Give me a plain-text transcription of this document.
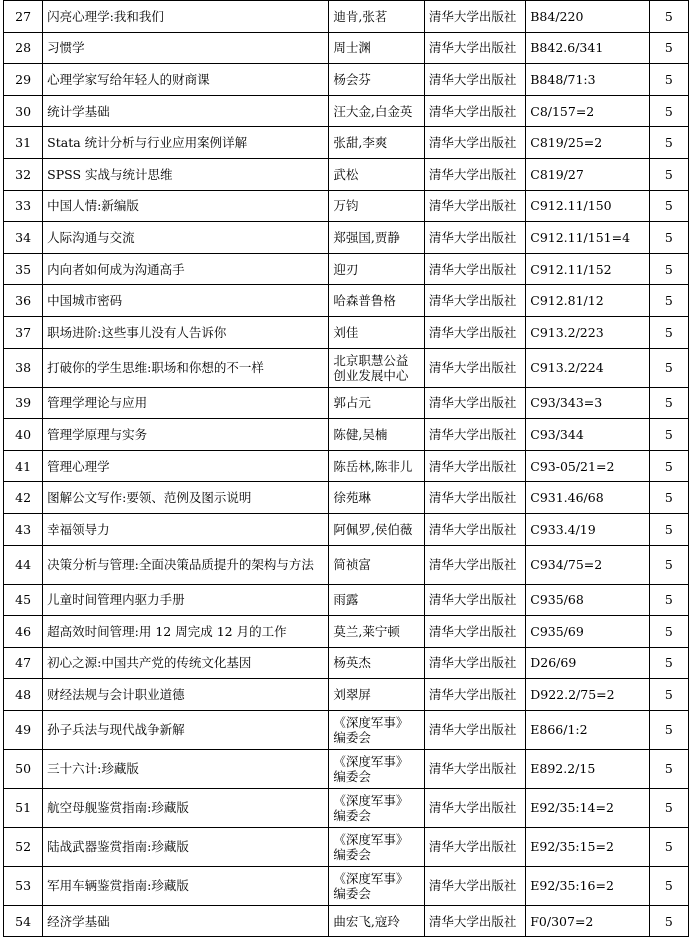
27	闪亮心理学:我和我们	迪肯,张茗	清华大学出版社	B84/220	5
28	习惯学	周士渊	清华大学出版社	B842.6/341	5
29	心理学家写给年轻人的财商课	杨会芬	清华大学出版社	B848/71:3	5
30	统计学基础	汪大金,白金英	清华大学出版社	C8/157=2	5
31	Stata 统计分析与行业应用案例详解	张甜,李爽	清华大学出版社	C819/25=2	5
32	SPSS 实战与统计思维	武松	清华大学出版社	C819/27	5
33	中国人情:新编版	万钧	清华大学出版社	C912.11/150	5
34	人际沟通与交流	郑强国,贾静	清华大学出版社	C912.11/151=4	5
35	内向者如何成为沟通高手	迎刃	清华大学出版社	C912.11/152	5
36	中国城市密码	哈森普鲁格	清华大学出版社	C912.81/12	5
37	职场进阶:这些事儿没有人告诉你	刘佳	清华大学出版社	C913.2/223	5
38	打破你的学生思维:职场和你想的不一样	北京职慧公益创业发展中心	清华大学出版社	C913.2/224	5
39	管理学理论与应用	郭占元	清华大学出版社	C93/343=3	5
40	管理学原理与实务	陈健,吴楠	清华大学出版社	C93/344	5
41	管理心理学	陈岳林,陈非儿	清华大学出版社	C93-05/21=2	5
42	图解公文写作:要领、范例及图示说明	徐苑琳	清华大学出版社	C931.46/68	5
43	幸福领导力	阿佩罗,侯伯薇	清华大学出版社	C933.4/19	5
44	决策分析与管理:全面决策品质提升的架构与方法	简祯富	清华大学出版社	C934/75=2	5
45	儿童时间管理内驱力手册	雨露	清华大学出版社	C935/68	5
46	超高效时间管理:用 12 周完成 12 月的工作	莫兰,莱宁顿	清华大学出版社	C935/69	5
47	初心之源:中国共产党的传统文化基因	杨英杰	清华大学出版社	D26/69	5
48	财经法规与会计职业道德	刘翠屏	清华大学出版社	D922.2/75=2	5
49	孙子兵法与现代战争新解	《深度军事》编委会	清华大学出版社	E866/1:2	5
50	三十六计:珍藏版	《深度军事》编委会	清华大学出版社	E892.2/15	5
51	航空母舰鉴赏指南:珍藏版	《深度军事》编委会	清华大学出版社	E92/35:14=2	5
52	陆战武器鉴赏指南:珍藏版	《深度军事》编委会	清华大学出版社	E92/35:15=2	5
53	军用车辆鉴赏指南:珍藏版	《深度军事》编委会	清华大学出版社	E92/35:16=2	5
54	经济学基础	曲宏飞,寇玲	清华大学出版社	F0/307=2	5
